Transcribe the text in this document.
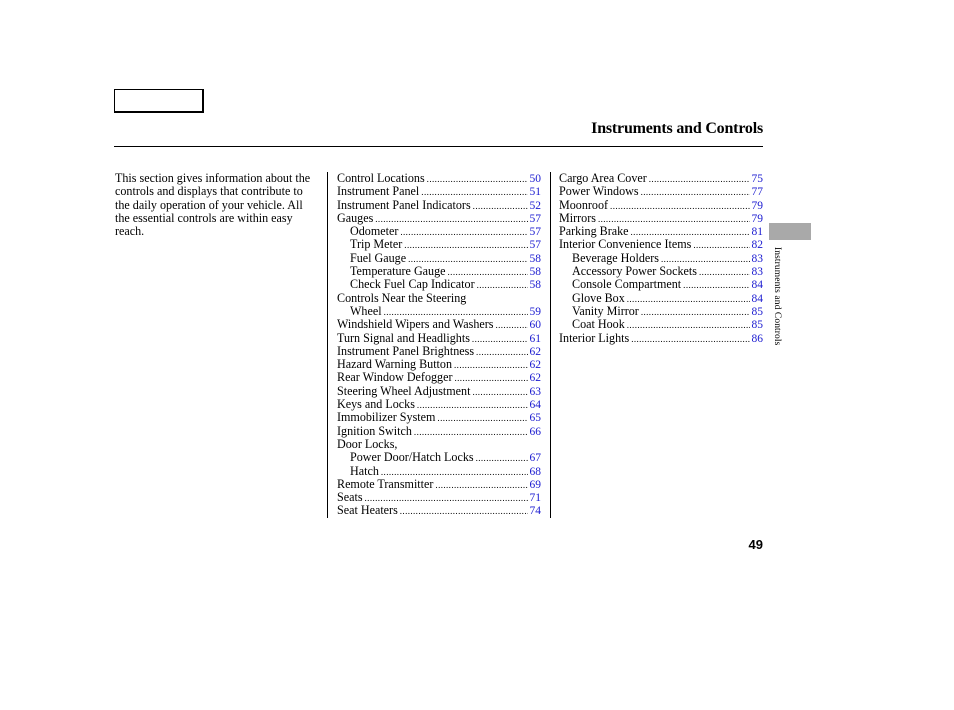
Instruments and Controls
This section gives information about the controls and displays that contribute to the daily operation of your vehicle. All the essential controls are within easy reach.
Control Locations .....	50
Instrument Panel .....	51
Instrument Panel Indicators .....	52
Gauges .....	57
Odometer .....	57
Trip Meter .....	57
Fuel Gauge .....	58
Temperature Gauge .....	58
Check Fuel Cap Indicator .....	58
Controls Near the Steering
Wheel .....	59
Windshield Wipers and Washers .....	60
Turn Signal and Headlights .....	61
Instrument Panel Brightness .....	62
Hazard Warning Button .....	62
Rear Window Defogger .....	62
Steering Wheel Adjustment .....	63
Keys and Locks .....	64
Immobilizer System .....	65
Ignition Switch .....	66
Door Locks,
Power Door/Hatch Locks .....	67
Hatch .....	68
Remote Transmitter .....	69
Seats .....	71
Seat Heaters .....	74
Cargo Area Cover .....	75
Power Windows .....	77
Moonroof .....	79
Mirrors .....	79
Parking Brake .....	81
Interior Convenience Items .....	82
Beverage Holders .....	83
Accessory Power Sockets .....	83
Console Compartment .....	84
Glove Box .....	84
Vanity Mirror .....	85
Coat Hook .....	85
Interior Lights .....	86 Instruments and Controls
49
